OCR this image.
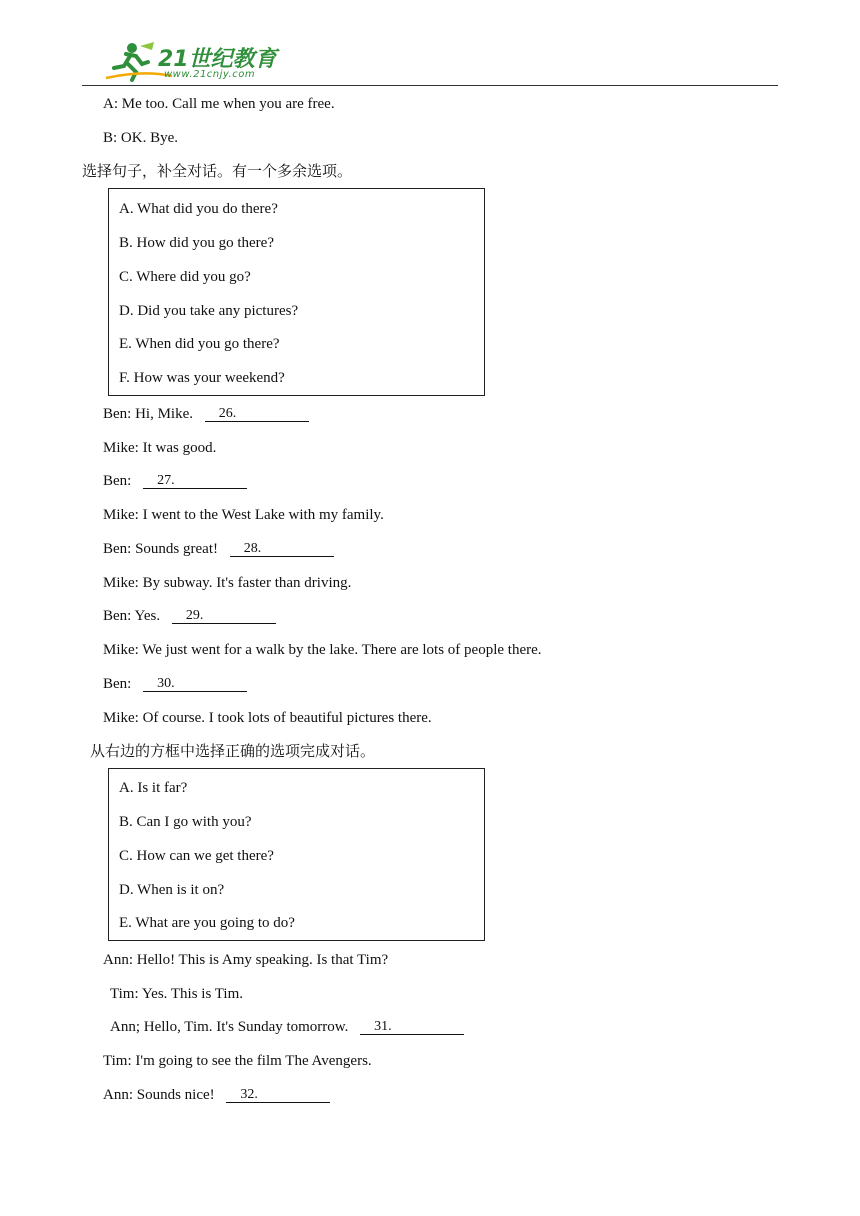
21世纪教育
www.21cnjy.com
A: Me too. Call me when you are free.
B: OK. Bye.
选择句子，补全对话。有一个多余选项。
A. What did you do there?
B. How did you go there?
C. Where did you go?
D. Did you take any pictures?
E. When did you go there?
F. How was your weekend?
Ben: Hi, Mike. 26.
Mike: It was good.
Ben: 27.
Mike: I went to the West Lake with my family.
Ben: Sounds great! 28.
Mike: By subway. It's faster than driving.
Ben: Yes. 29.
Mike: We just went for a walk by the lake. There are lots of people there.
Ben: 30.
Mike: Of course. I took lots of beautiful pictures there.
从右边的方框中选择正确的选项完成对话。
A. Is it far?
B. Can I go with you?
C. How can we get there?
D. When is it on?
E. What are you going to do?
Ann: Hello! This is Amy speaking. Is that Tim?
Tim: Yes. This is Tim.
Ann; Hello, Tim. It's Sunday tomorrow. 31.
Tim: I'm going to see the film The Avengers.
Ann: Sounds nice! 32.
